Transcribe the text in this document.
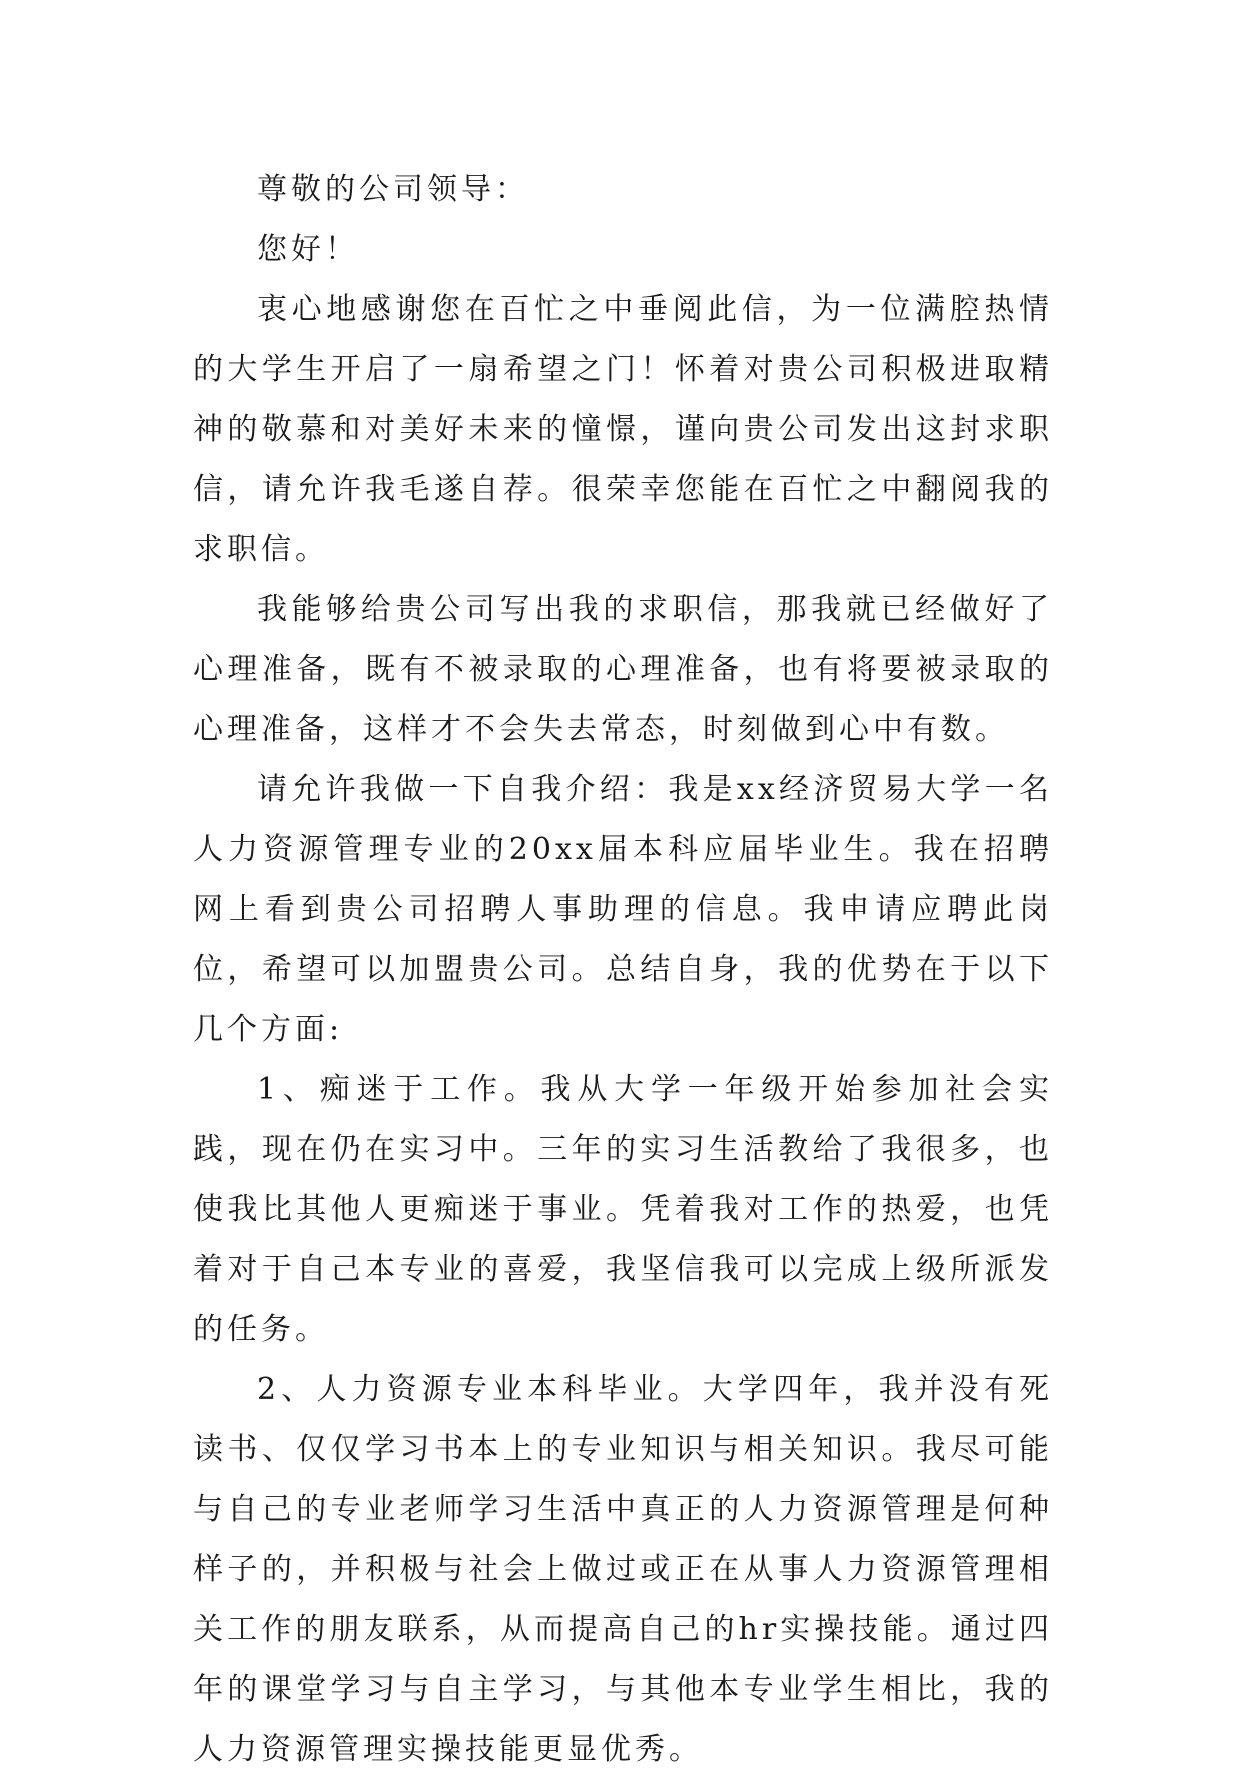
尊敬的公司领导：

您好！

衷心地感谢您在百忙之中垂阅此信，为一位满腔热情的大学生开启了一扇希望之门！怀着对贵公司积极进取精神的敬慕和对美好未来的憧憬，谨向贵公司发出这封求职信，请允许我毛遂自荐。很荣幸您能在百忙之中翻阅我的求职信。

我能够给贵公司写出我的求职信，那我就已经做好了心理准备，既有不被录取的心理准备，也有将要被录取的心理准备，这样才不会失去常态，时刻做到心中有数。

请允许我做一下自我介绍：我是xx经济贸易大学一名人力资源管理专业的20xx届本科应届毕业生。我在招聘网上看到贵公司招聘人事助理的信息。我申请应聘此岗位，希望可以加盟贵公司。总结自身，我的优势在于以下几个方面:

1、痴迷于工作。我从大学一年级开始参加社会实践，现在仍在实习中。三年的实习生活教给了我很多，也使我比其他人更痴迷于事业。凭着我对工作的热爱，也凭着对于自己本专业的喜爱，我坚信我可以完成上级所派发的任务。

2、人力资源专业本科毕业。大学四年，我并没有死读书、仅仅学习书本上的专业知识与相关知识。我尽可能与自己的专业老师学习生活中真正的人力资源管理是何种样子的，并积极与社会上做过或正在从事人力资源管理相关工作的朋友联系，从而提高自己的hr实操技能。通过四年的课堂学习与自主学习，与其他本专业学生相比，我的人力资源管理实操技能更显优秀。
